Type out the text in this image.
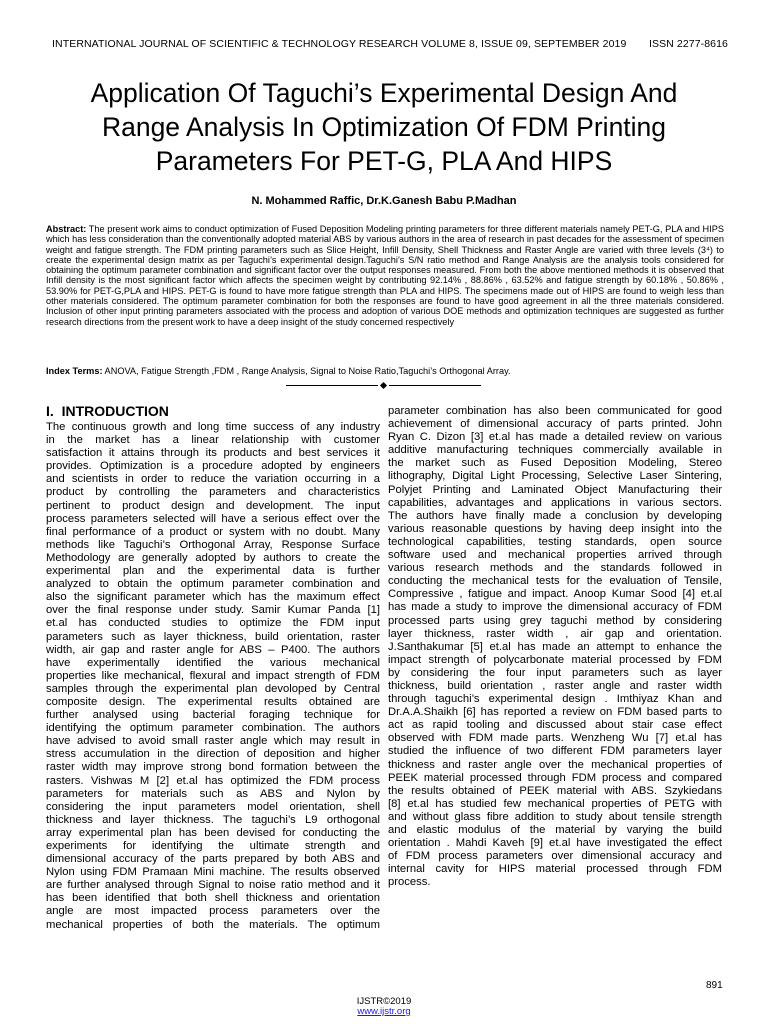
INTERNATIONAL JOURNAL OF SCIENTIFIC & TECHNOLOGY RESEARCH VOLUME 8, ISSUE 09, SEPTEMBER 2019 ISSN 2277-8616
Application Of Taguchi’s Experimental Design And
Range Analysis In Optimization Of FDM Printing
Parameters For PET-G, PLA And HIPS
N. Mohammed Raffic, Dr.K.Ganesh Babu P.Madhan
Abstract: The present work aims to conduct optimization of Fused Deposition Modeling printing parameters for three different materials namely PET-G, PLA and HIPS which has less consideration than the conventionally adopted material ABS by various authors in the area of research in past decades for the assessment of specimen weight and fatigue strength. The FDM printing parameters such as Slice Height, Infill Density, Shell Thickness and Raster Angle are varied with three levels (3⁴) to create the experimental design matrix as per Taguchi’s experimental design.Taguchi’s S/N ratio method and Range Analysis are the analysis tools considered for obtaining the optimum parameter combination and significant factor over the output responses measured. From both the above mentioned methods it is observed that Infill density is the most significant factor which affects the specimen weight by contributing 92.14% , 88.86% , 63.52% and fatigue strength by 60.18% , 50.86% , 53.90% for PET-G,PLA and HIPS. PET-G is found to have more fatigue strength than PLA and HIPS. The specimens made out of HIPS are found to weigh less than other materials considered. The optimum parameter combination for both the responses are found to have good agreement in all the three materials considered. Inclusion of other input printing parameters associated with the process and adoption of various DOE methods and optimization techniques are suggested as further research directions from the present work to have a deep insight of the study concerned respectively
Index Terms: ANOVA, Fatigue Strength ,FDM , Range Analysis, Signal to Noise Ratio,Taguchi’s Orthogonal Array.
I. INTRODUCTION
The continuous growth and long time success of any industry
in the market has a linear relationship with customer
satisfaction it attains through its products and best services it
provides. Optimization is a procedure adopted by engineers
and scientists in order to reduce the variation occurring in a
product by controlling the parameters and characteristics
pertinent to product design and development. The input
process parameters selected will have a serious effect over the
final performance of a product or system with no doubt. Many
methods like Taguchi’s Orthogonal Array, Response Surface
Methodology are generally adopted by authors to create the
experimental plan and the experimental data is further
analyzed to obtain the optimum parameter combination and
also the significant parameter which has the maximum effect
over the final response under study. Samir Kumar Panda [1]
et.al has conducted studies to optimize the FDM input
parameters such as layer thickness, build orientation, raster
width, air gap and raster angle for ABS – P400. The authors
have experimentally identified the various mechanical
properties like mechanical, flexural and impact strength of FDM
samples through the experimental plan devoloped by Central
composite design. The experimental results obtained are
further analysed using bacterial foraging technique for
identifying the optimum parameter combination. The authors
have advised to avoid small raster angle which may result in
stress accumulation in the direction of deposition and higher
raster width may improve strong bond formation between the
rasters. Vishwas M [2] et.al has optimized the FDM process
parameters for materials such as ABS and Nylon by
considering the input parameters model orientation, shell
thickness and layer thickness. The taguchi’s L9 orthogonal
array experimental plan has been devised for conducting the
experiments for identifying the ultimate strength and
dimensional accuracy of the parts prepared by both ABS and
Nylon using FDM Pramaan Mini machine. The results observed
are further analysed through Signal to noise ratio method and it
has been identified that both shell thickness and orientation
angle are most impacted process parameters over the
mechanical properties of both the materials. The optimum
parameter combination has also been communicated for good
achievement of dimensional accuracy of parts printed. John
Ryan C. Dizon [3] et.al has made a detailed review on various
additive manufacturing techniques commercially available in
the market such as Fused Deposition Modeling, Stereo
lithography, Digital Light Processing, Selective Laser Sintering,
Polyjet Printing and Laminated Object Manufacturing their
capabilities, advantages and applications in various sectors.
The authors have finally made a conclusion by developing
various reasonable questions by having deep insight into the
technological capabilities, testing standards, open source
software used and mechanical properties arrived through
various research methods and the standards followed in
conducting the mechanical tests for the evaluation of Tensile,
Compressive , fatigue and impact. Anoop Kumar Sood [4] et.al
has made a study to improve the dimensional accuracy of FDM
processed parts using grey taguchi method by considering
layer thickness, raster width , air gap and orientation.
J.Santhakumar [5] et.al has made an attempt to enhance the
impact strength of polycarbonate material processed by FDM
by considering the four input parameters such as layer
thickness, build orientation , raster angle and raster width
through taguchi’s experimental design . Imthiyaz Khan and
Dr.A.A.Shaikh [6] has reported a review on FDM based parts to
act as rapid tooling and discussed about stair case effect
observed with FDM made parts. Wenzheng Wu [7] et.al has
studied the influence of two different FDM parameters layer
thickness and raster angle over the mechanical properties of
PEEK material processed through FDM process and compared
the results obtained of PEEK material with ABS. Szykiedans
[8] et.al has studied few mechanical properties of PETG with
and without glass fibre addition to study about tensile strength
and elastic modulus of the material by varying the build
orientation . Mahdi Kaveh [9] et.al have investigated the effect
of FDM process parameters over dimensional accuracy and
internal cavity for HIPS material processed through FDM
process.
891
IJSTR©2019
www.ijstr.org
